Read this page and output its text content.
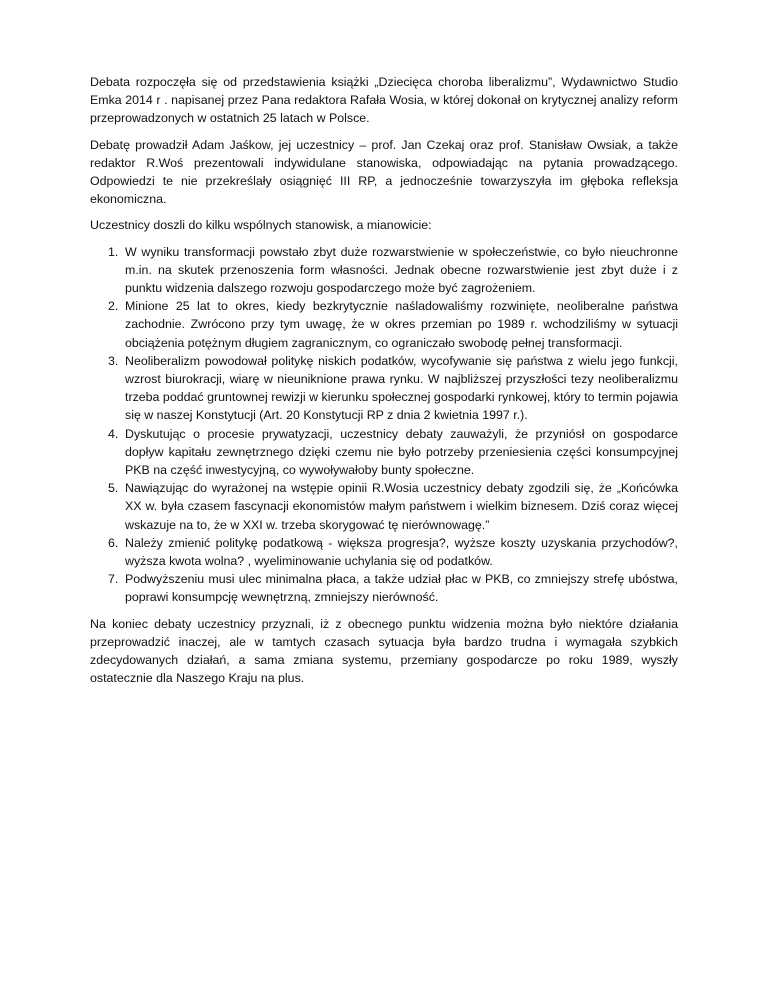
Debata rozpoczęła się od przedstawienia książki „Dziecięca choroba liberalizmu”, Wydawnictwo Studio Emka 2014 r . napisanej przez Pana redaktora Rafała Wosia, w której dokonał on krytycznej analizy reform przeprowadzonych w ostatnich 25 latach w Polsce.

Debatę prowadził Adam Jaśkow, jej uczestnicy – prof. Jan Czekaj oraz prof. Stanisław Owsiak, a także redaktor R.Woś prezentowali indywidulane stanowiska, odpowiadając na pytania prowadzącego. Odpowiedzi te nie przekreślały osiągnięć III RP, a jednocześnie towarzyszyła im głęboka refleksja ekonomiczna.

Uczestnicy doszli do kilku wspólnych stanowisk, a mianowicie:

1. W wyniku transformacji powstało zbyt duże rozwarstwienie w społeczeństwie, co było nieuchronne m.in. na skutek przenoszenia form własności. Jednak obecne rozwarstwienie jest zbyt duże i z punktu widzenia dalszego rozwoju gospodarczego może być zagrożeniem.
2. Minione 25 lat to okres, kiedy bezkrytycznie naśladowaliśmy rozwinięte, neoliberalne państwa zachodnie. Zwrócono przy tym uwagę, że w okres przemian po 1989 r. wchodziliśmy w sytuacji obciążenia potężnym długiem zagranicznym, co ograniczało swobodę pełnej transformacji.
3. Neoliberalizm powodował politykę niskich podatków, wycofywanie się państwa z wielu jego funkcji, wzrost biurokracji, wiarę w nieuniknione prawa rynku. W najbliższej przyszłości tezy neoliberalizmu trzeba poddać gruntownej rewizji w kierunku społecznej gospodarki rynkowej, który to termin pojawia się w naszej Konstytucji (Art. 20 Konstytucji RP z dnia 2 kwietnia 1997 r.).
4. Dyskutując o procesie prywatyzacji, uczestnicy debaty zauważyli, że przyniósł on gospodarce dopływ kapitału zewnętrznego dzięki czemu nie było potrzeby przeniesienia części konsumpcyjnej PKB na część inwestycyjną, co wywoływałoby bunty społeczne.
5. Nawiązując do wyrażonej na wstępie opinii R.Wosia uczestnicy debaty zgodzili się, że „Końcówka XX w. była czasem fascynacji ekonomistów małym państwem i wielkim biznesem. Dziś coraz więcej wskazuje na to, że w XXI w. trzeba skorygować tę nierównowagę.”
6. Należy zmienić politykę podatkową - większa progresja?, wyższe koszty uzyskania przychodów?, wyższa kwota wolna? , wyeliminowanie uchylania się od podatków.
7. Podwyższeniu musi ulec minimalna płaca, a także udział płac w PKB, co zmniejszy strefę ubóstwa, poprawi konsumpcję wewnętrzną, zmniejszy nierówność.

Na koniec debaty uczestnicy przyznali, iż z obecnego punktu widzenia można było niektóre działania przeprowadzić inaczej, ale w tamtych czasach sytuacja była bardzo trudna i wymagała szybkich zdecydowanych działań, a sama zmiana systemu, przemiany gospodarcze po roku 1989, wyszły ostatecznie dla Naszego Kraju na plus.
